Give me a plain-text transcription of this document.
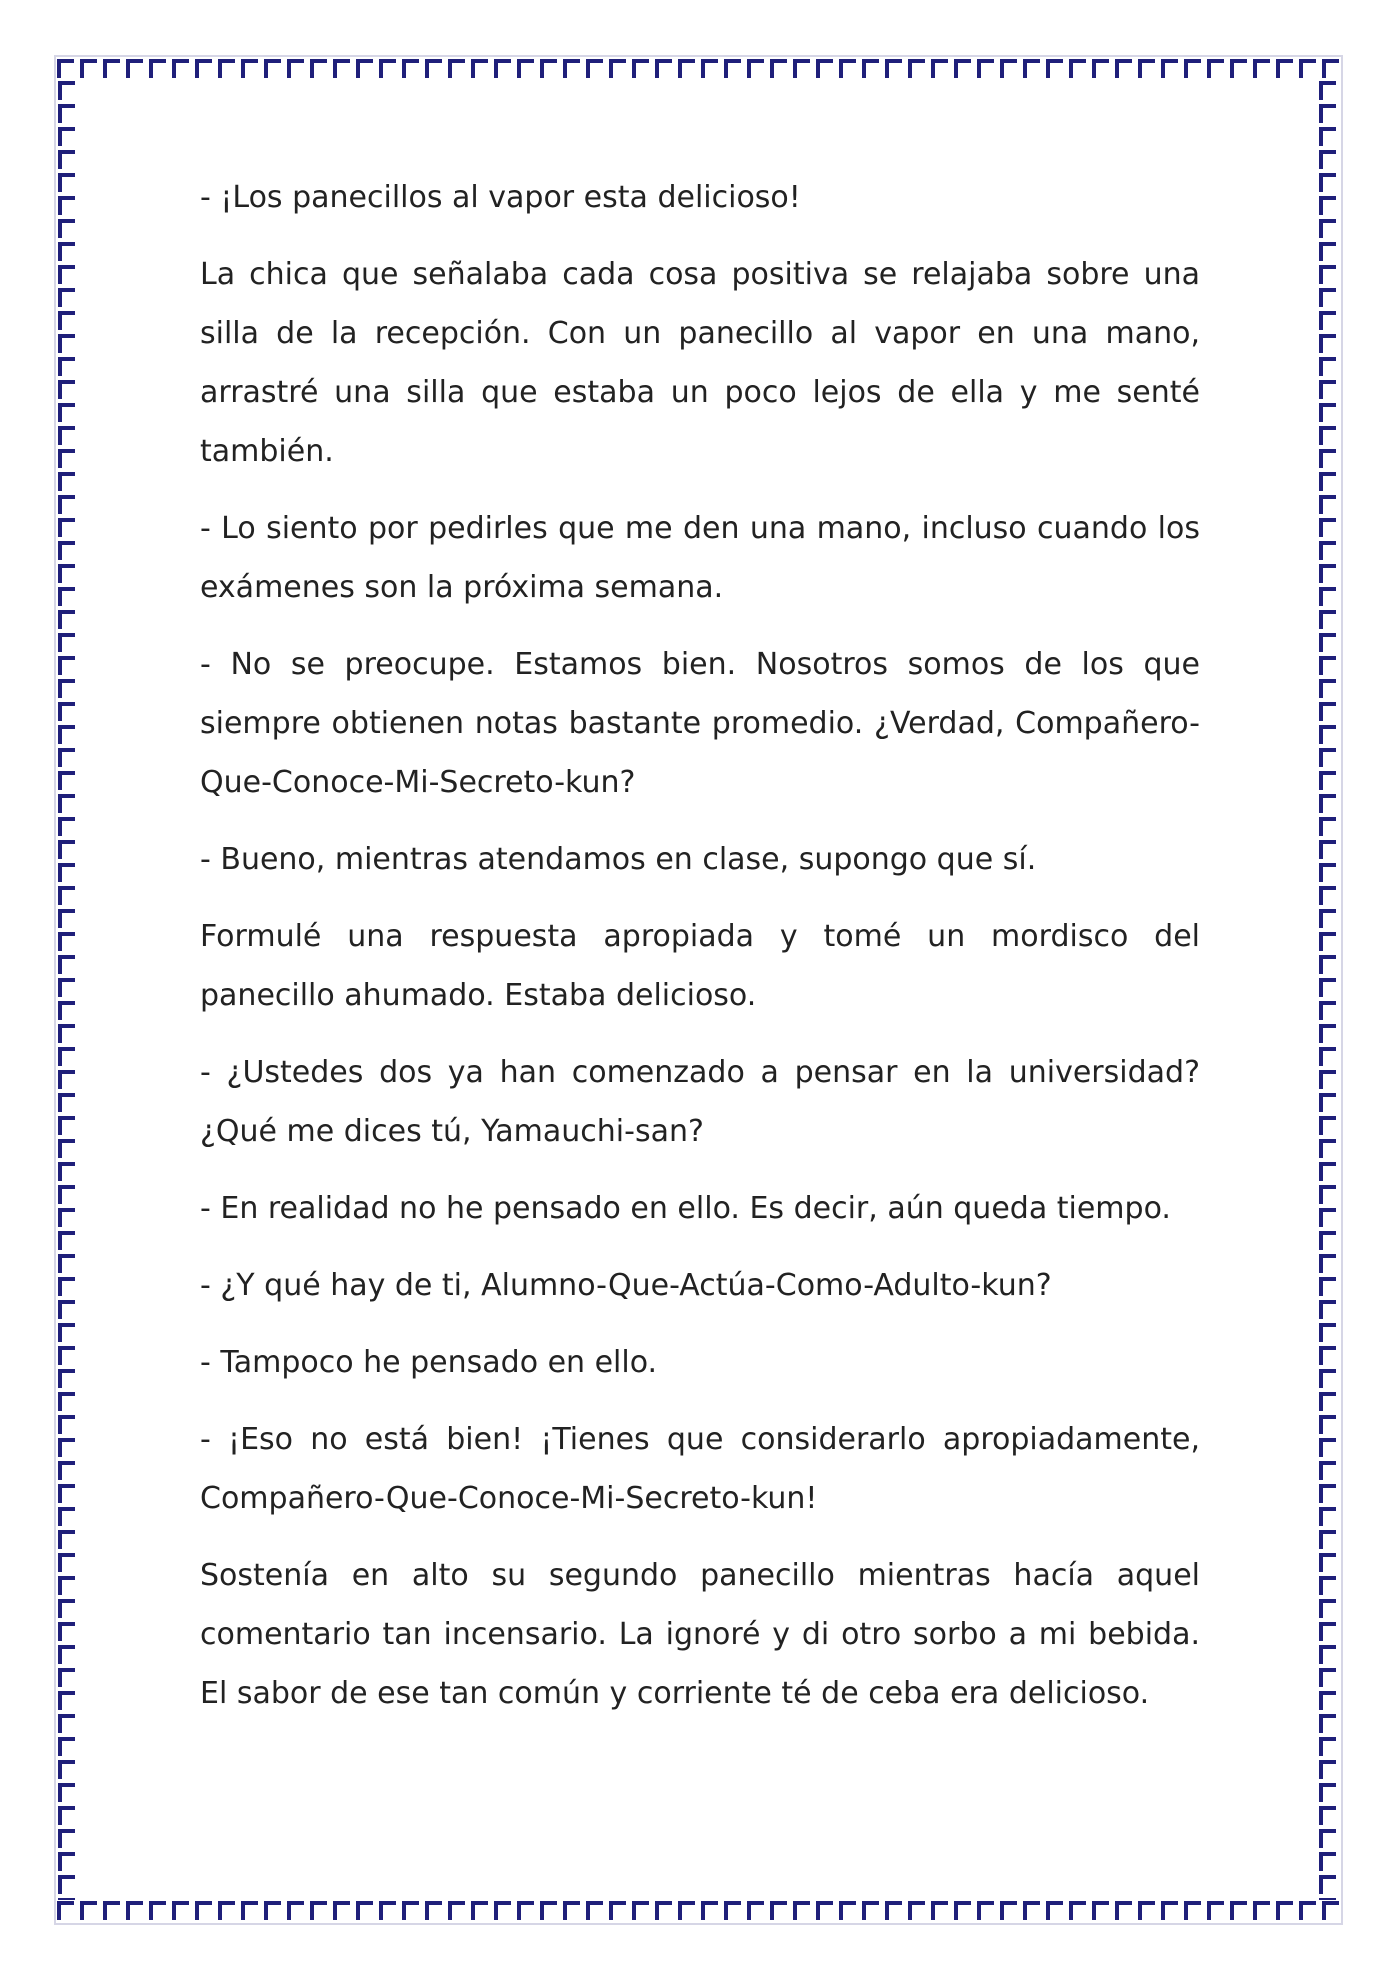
- ¡Los panecillos al vapor esta delicioso!

La chica que señalaba cada cosa positiva se relajaba sobre una silla de la recepción. Con un panecillo al vapor en una mano, arrastré una silla que estaba un poco lejos de ella y me senté también.

- Lo siento por pedirles que me den una mano, incluso cuando los exámenes son la próxima semana.

- No se preocupe. Estamos bien. Nosotros somos de los que siempre obtienen notas bastante promedio. ¿Verdad, Compañero-Que-Conoce-Mi-Secreto-kun?

- Bueno, mientras atendamos en clase, supongo que sí.

Formulé una respuesta apropiada y tomé un mordisco del panecillo ahumado. Estaba delicioso.

- ¿Ustedes dos ya han comenzado a pensar en la universidad? ¿Qué me dices tú, Yamauchi-san?

- En realidad no he pensado en ello. Es decir, aún queda tiempo.

- ¿Y qué hay de ti, Alumno-Que-Actúa-Como-Adulto-kun?

- Tampoco he pensado en ello.

- ¡Eso no está bien! ¡Tienes que considerarlo apropiadamente, Compañero-Que-Conoce-Mi-Secreto-kun!

Sostenía en alto su segundo panecillo mientras hacía aquel comentario tan incensario. La ignoré y di otro sorbo a mi bebida. El sabor de ese tan común y corriente té de ceba era delicioso.
